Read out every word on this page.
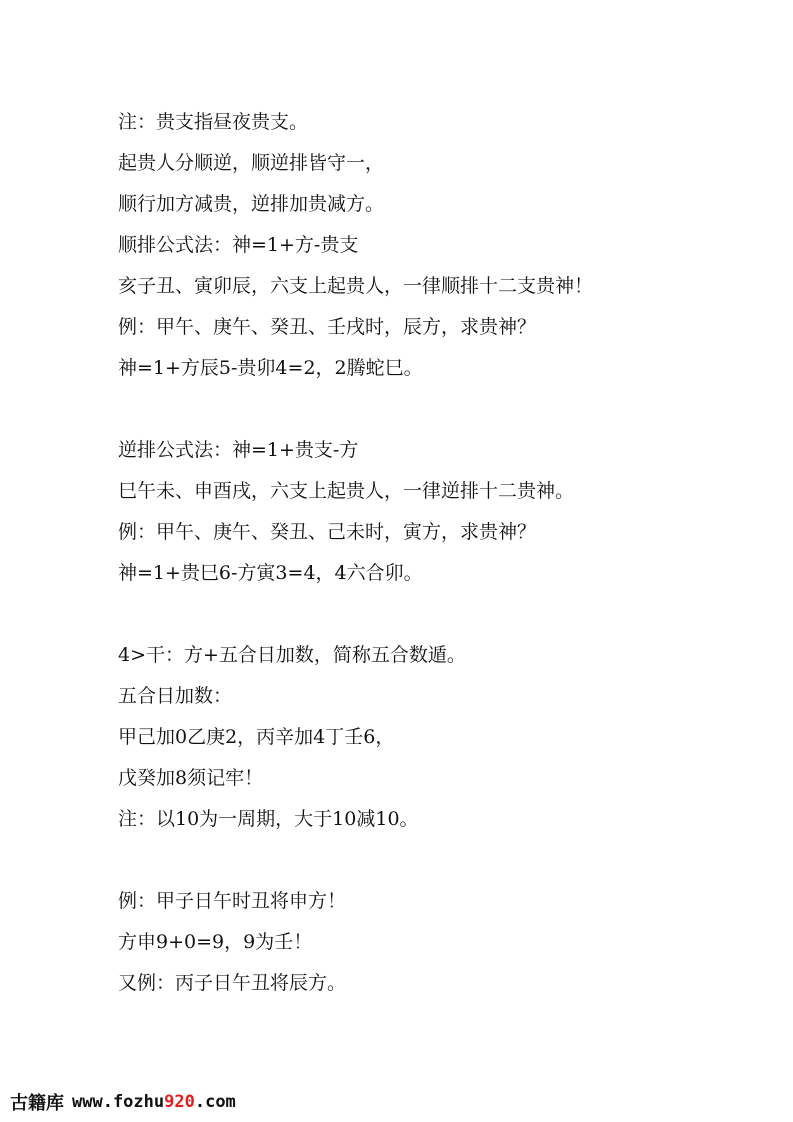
注：贵支指昼夜贵支。
起贵人分顺逆，顺逆排皆守一，
顺行加方减贵，逆排加贵减方。
顺排公式法：神=1+方-贵支
亥子丑、寅卯辰，六支上起贵人，一律顺排十二支贵神！
例：甲午、庚午、癸丑、壬戌时，辰方，求贵神？
神=1+方辰5-贵卯4=2，2腾蛇巳。
逆排公式法：神=1+贵支-方
巳午未、申酉戌，六支上起贵人，一律逆排十二贵神。
例：甲午、庚午、癸丑、己未时，寅方，求贵神？
神=1+贵巳6-方寅3=4，4六合卯。
4>干：方+五合日加数，简称五合数遁。
五合日加数：
甲己加0乙庚2，丙辛加4丁壬6，
戊癸加8须记牢！
注：以10为一周期，大于10减10。
例：甲子日午时丑将申方！
方申9+0=9，9为壬！
又例：丙子日午丑将辰方。
古籍库 www.fozhu920.com
